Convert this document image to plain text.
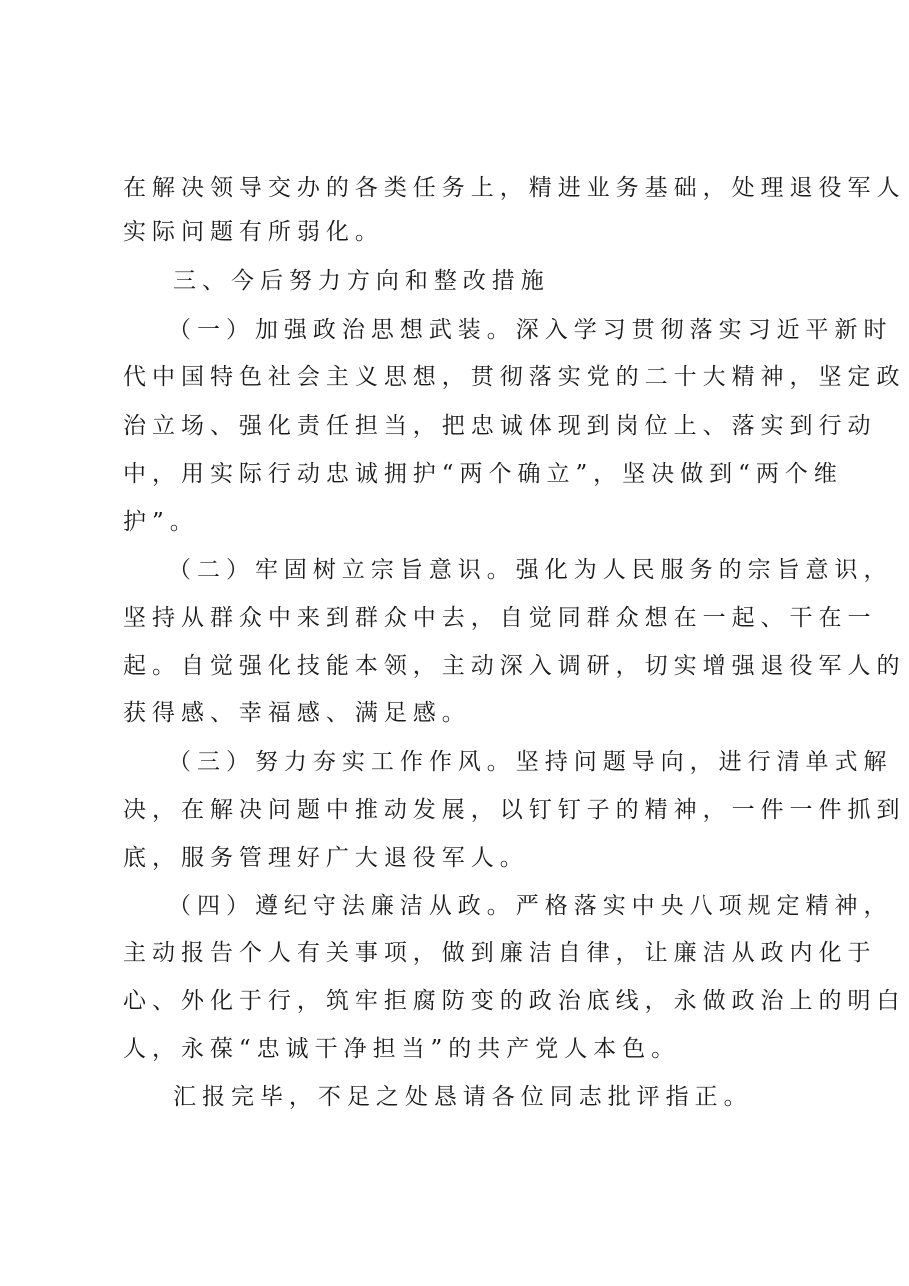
在解决领导交办的各类任务上，精进业务基础，处理退役军人
实际问题有所弱化。
三、今后努力方向和整改措施
（一）加强政治思想武装。深入学习贯彻落实习近平新时
代中国特色社会主义思想，贯彻落实党的二十大精神，坚定政
治立场、强化责任担当，把忠诚体现到岗位上、落实到行动
中，用实际行动忠诚拥护“两个确立”，坚决做到“两个维
护”。
（二）牢固树立宗旨意识。强化为人民服务的宗旨意识，
坚持从群众中来到群众中去，自觉同群众想在一起、干在一
起。自觉强化技能本领，主动深入调研，切实增强退役军人的
获得感、幸福感、满足感。
（三）努力夯实工作作风。坚持问题导向，进行清单式解
决，在解决问题中推动发展，以钉钉子的精神，一件一件抓到
底，服务管理好广大退役军人。
（四）遵纪守法廉洁从政。严格落实中央八项规定精神，
主动报告个人有关事项，做到廉洁自律，让廉洁从政内化于
心、外化于行，筑牢拒腐防变的政治底线，永做政治上的明白
人，永葆“忠诚干净担当”的共产党人本色。
汇报完毕，不足之处恳请各位同志批评指正。
